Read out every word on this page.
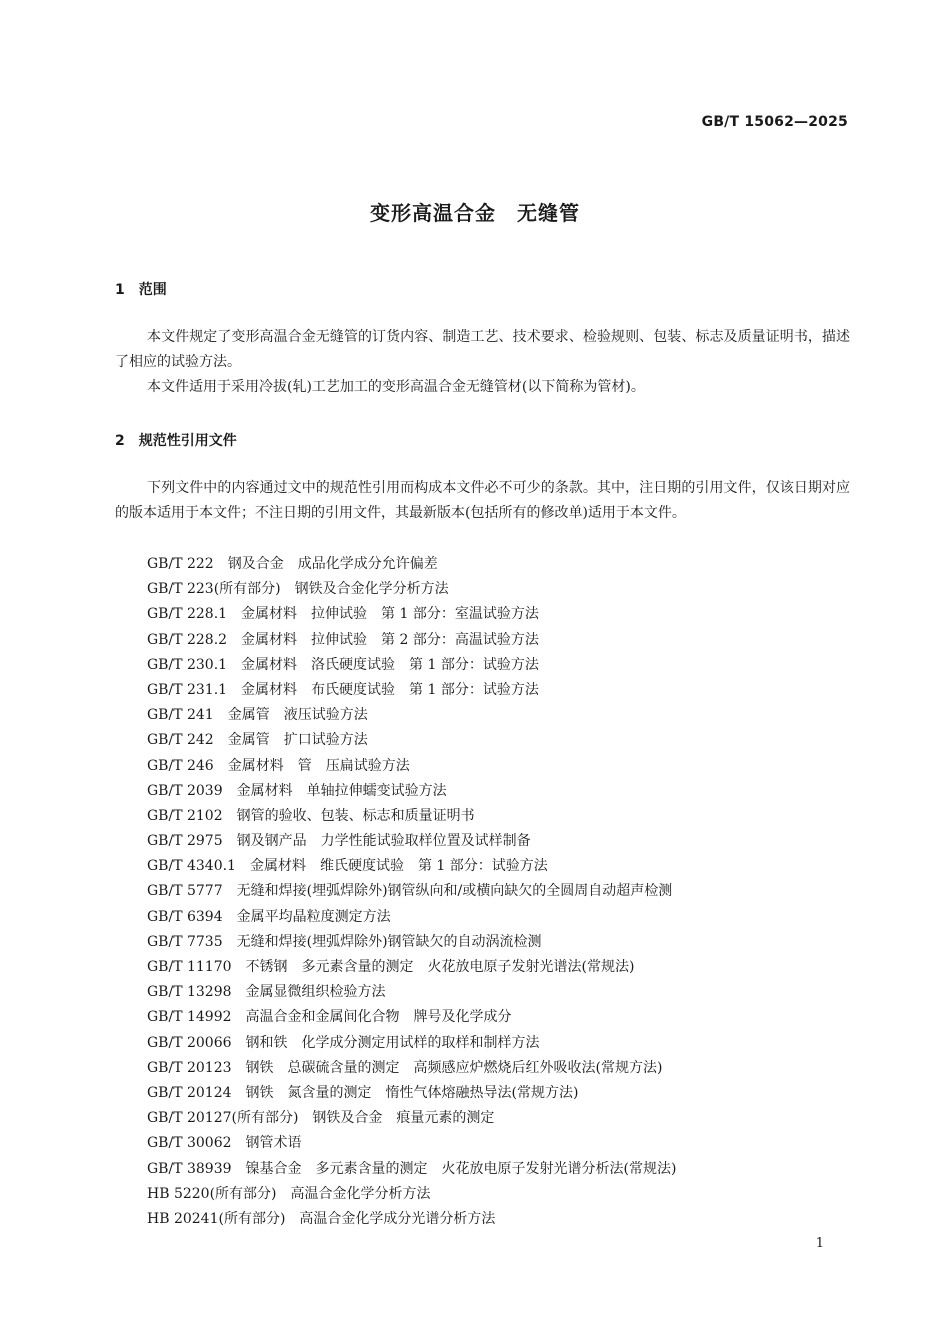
GB/T 15062—2025
变形高温合金　无缝管
1　范围

本文件规定了变形高温合金无缝管的订货内容、制造工艺、技术要求、检验规则、包装、标志及质量证明书，描述了相应的试验方法。

本文件适用于采用冷拔(轧)工艺加工的变形高温合金无缝管材(以下简称为管材)。

2　规范性引用文件

下列文件中的内容通过文中的规范性引用而构成本文件必不可少的条款。其中，注日期的引用文件，仅该日期对应的版本适用于本文件；不注日期的引用文件，其最新版本(包括所有的修改单)适用于本文件。

GB/T 222　钢及合金　成品化学成分允许偏差
GB/T 223(所有部分)　钢铁及合金化学分析方法
GB/T 228.1　金属材料　拉伸试验　第 1 部分：室温试验方法
GB/T 228.2　金属材料　拉伸试验　第 2 部分：高温试验方法
GB/T 230.1　金属材料　洛氏硬度试验　第 1 部分：试验方法
GB/T 231.1　金属材料　布氏硬度试验　第 1 部分：试验方法
GB/T 241　金属管　液压试验方法
GB/T 242　金属管　扩口试验方法
GB/T 246　金属材料　管　压扁试验方法
GB/T 2039　金属材料　单轴拉伸蠕变试验方法
GB/T 2102　钢管的验收、包装、标志和质量证明书
GB/T 2975　钢及钢产品　力学性能试验取样位置及试样制备
GB/T 4340.1　金属材料　维氏硬度试验　第 1 部分：试验方法
GB/T 5777　无缝和焊接(埋弧焊除外)钢管纵向和/或横向缺欠的全圆周自动超声检测
GB/T 6394　金属平均晶粒度测定方法
GB/T 7735　无缝和焊接(埋弧焊除外)钢管缺欠的自动涡流检测
GB/T 11170　不锈钢　多元素含量的测定　火花放电原子发射光谱法(常规法)
GB/T 13298　金属显微组织检验方法
GB/T 14992　高温合金和金属间化合物　牌号及化学成分
GB/T 20066　钢和铁　化学成分测定用试样的取样和制样方法
GB/T 20123　钢铁　总碳硫含量的测定　高频感应炉燃烧后红外吸收法(常规方法)
GB/T 20124　钢铁　氮含量的测定　惰性气体熔融热导法(常规方法)
GB/T 20127(所有部分)　钢铁及合金　痕量元素的测定
GB/T 30062　钢管术语
GB/T 38939　镍基合金　多元素含量的测定　火花放电原子发射光谱分析法(常规法)
HB 5220(所有部分)　高温合金化学分析方法
HB 20241(所有部分)　高温合金化学成分光谱分析方法
1
